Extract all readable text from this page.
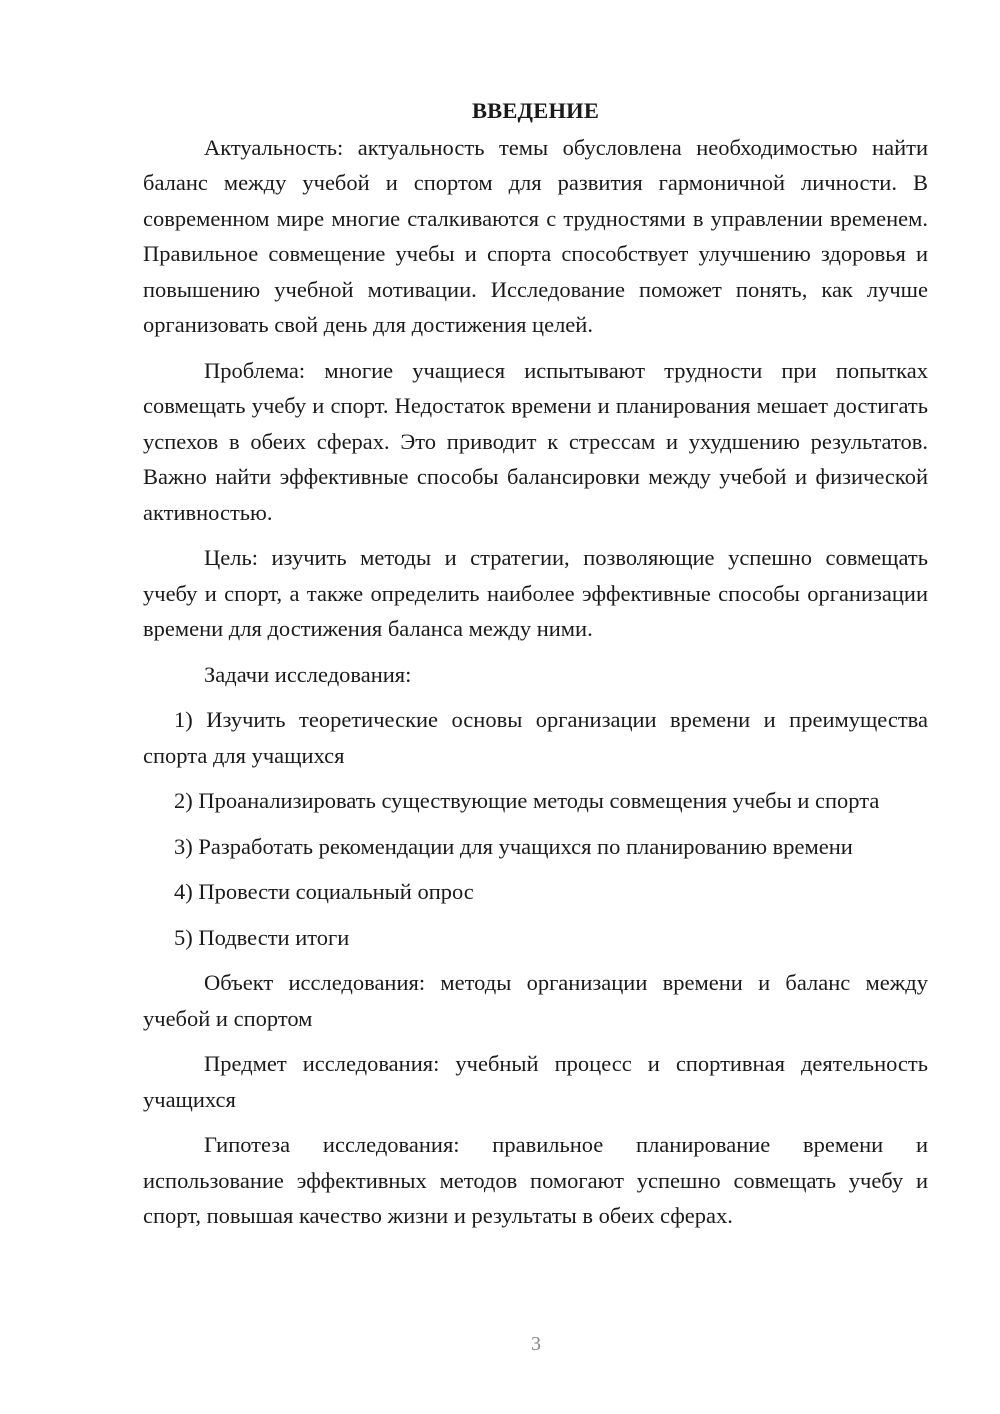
ВВЕДЕНИЕ

Актуальность: актуальность темы обусловлена необходимостью найти баланс между учебой и спортом для развития гармоничной личности. В современном мире многие сталкиваются с трудностями в управлении временем. Правильное совмещение учебы и спорта способствует улучшению здоровья и повышению учебной мотивации. Исследование поможет понять, как лучше организовать свой день для достижения целей.

Проблема: многие учащиеся испытывают трудности при попытках совмещать учебу и спорт. Недостаток времени и планирования мешает достигать успехов в обеих сферах. Это приводит к стрессам и ухудшению результатов. Важно найти эффективные способы балансировки между учебой и физической активностью.

Цель: изучить методы и стратегии, позволяющие успешно совмещать учебу и спорт, а также определить наиболее эффективные способы организации времени для достижения баланса между ними.

Задачи исследования:

1) Изучить теоретические основы организации времени и преимущества спорта для учащихся

2) Проанализировать существующие методы совмещения учебы и спорта

3) Разработать рекомендации для учащихся по планированию времени

4) Провести социальный опрос

5) Подвести итоги

Объект исследования: методы организации времени и баланс между учебой и спортом

Предмет исследования: учебный процесс и спортивная деятельность учащихся

Гипотеза исследования: правильное планирование времени и использование эффективных методов помогают успешно совмещать учебу и спорт, повышая качество жизни и результаты в обеих сферах.

3
